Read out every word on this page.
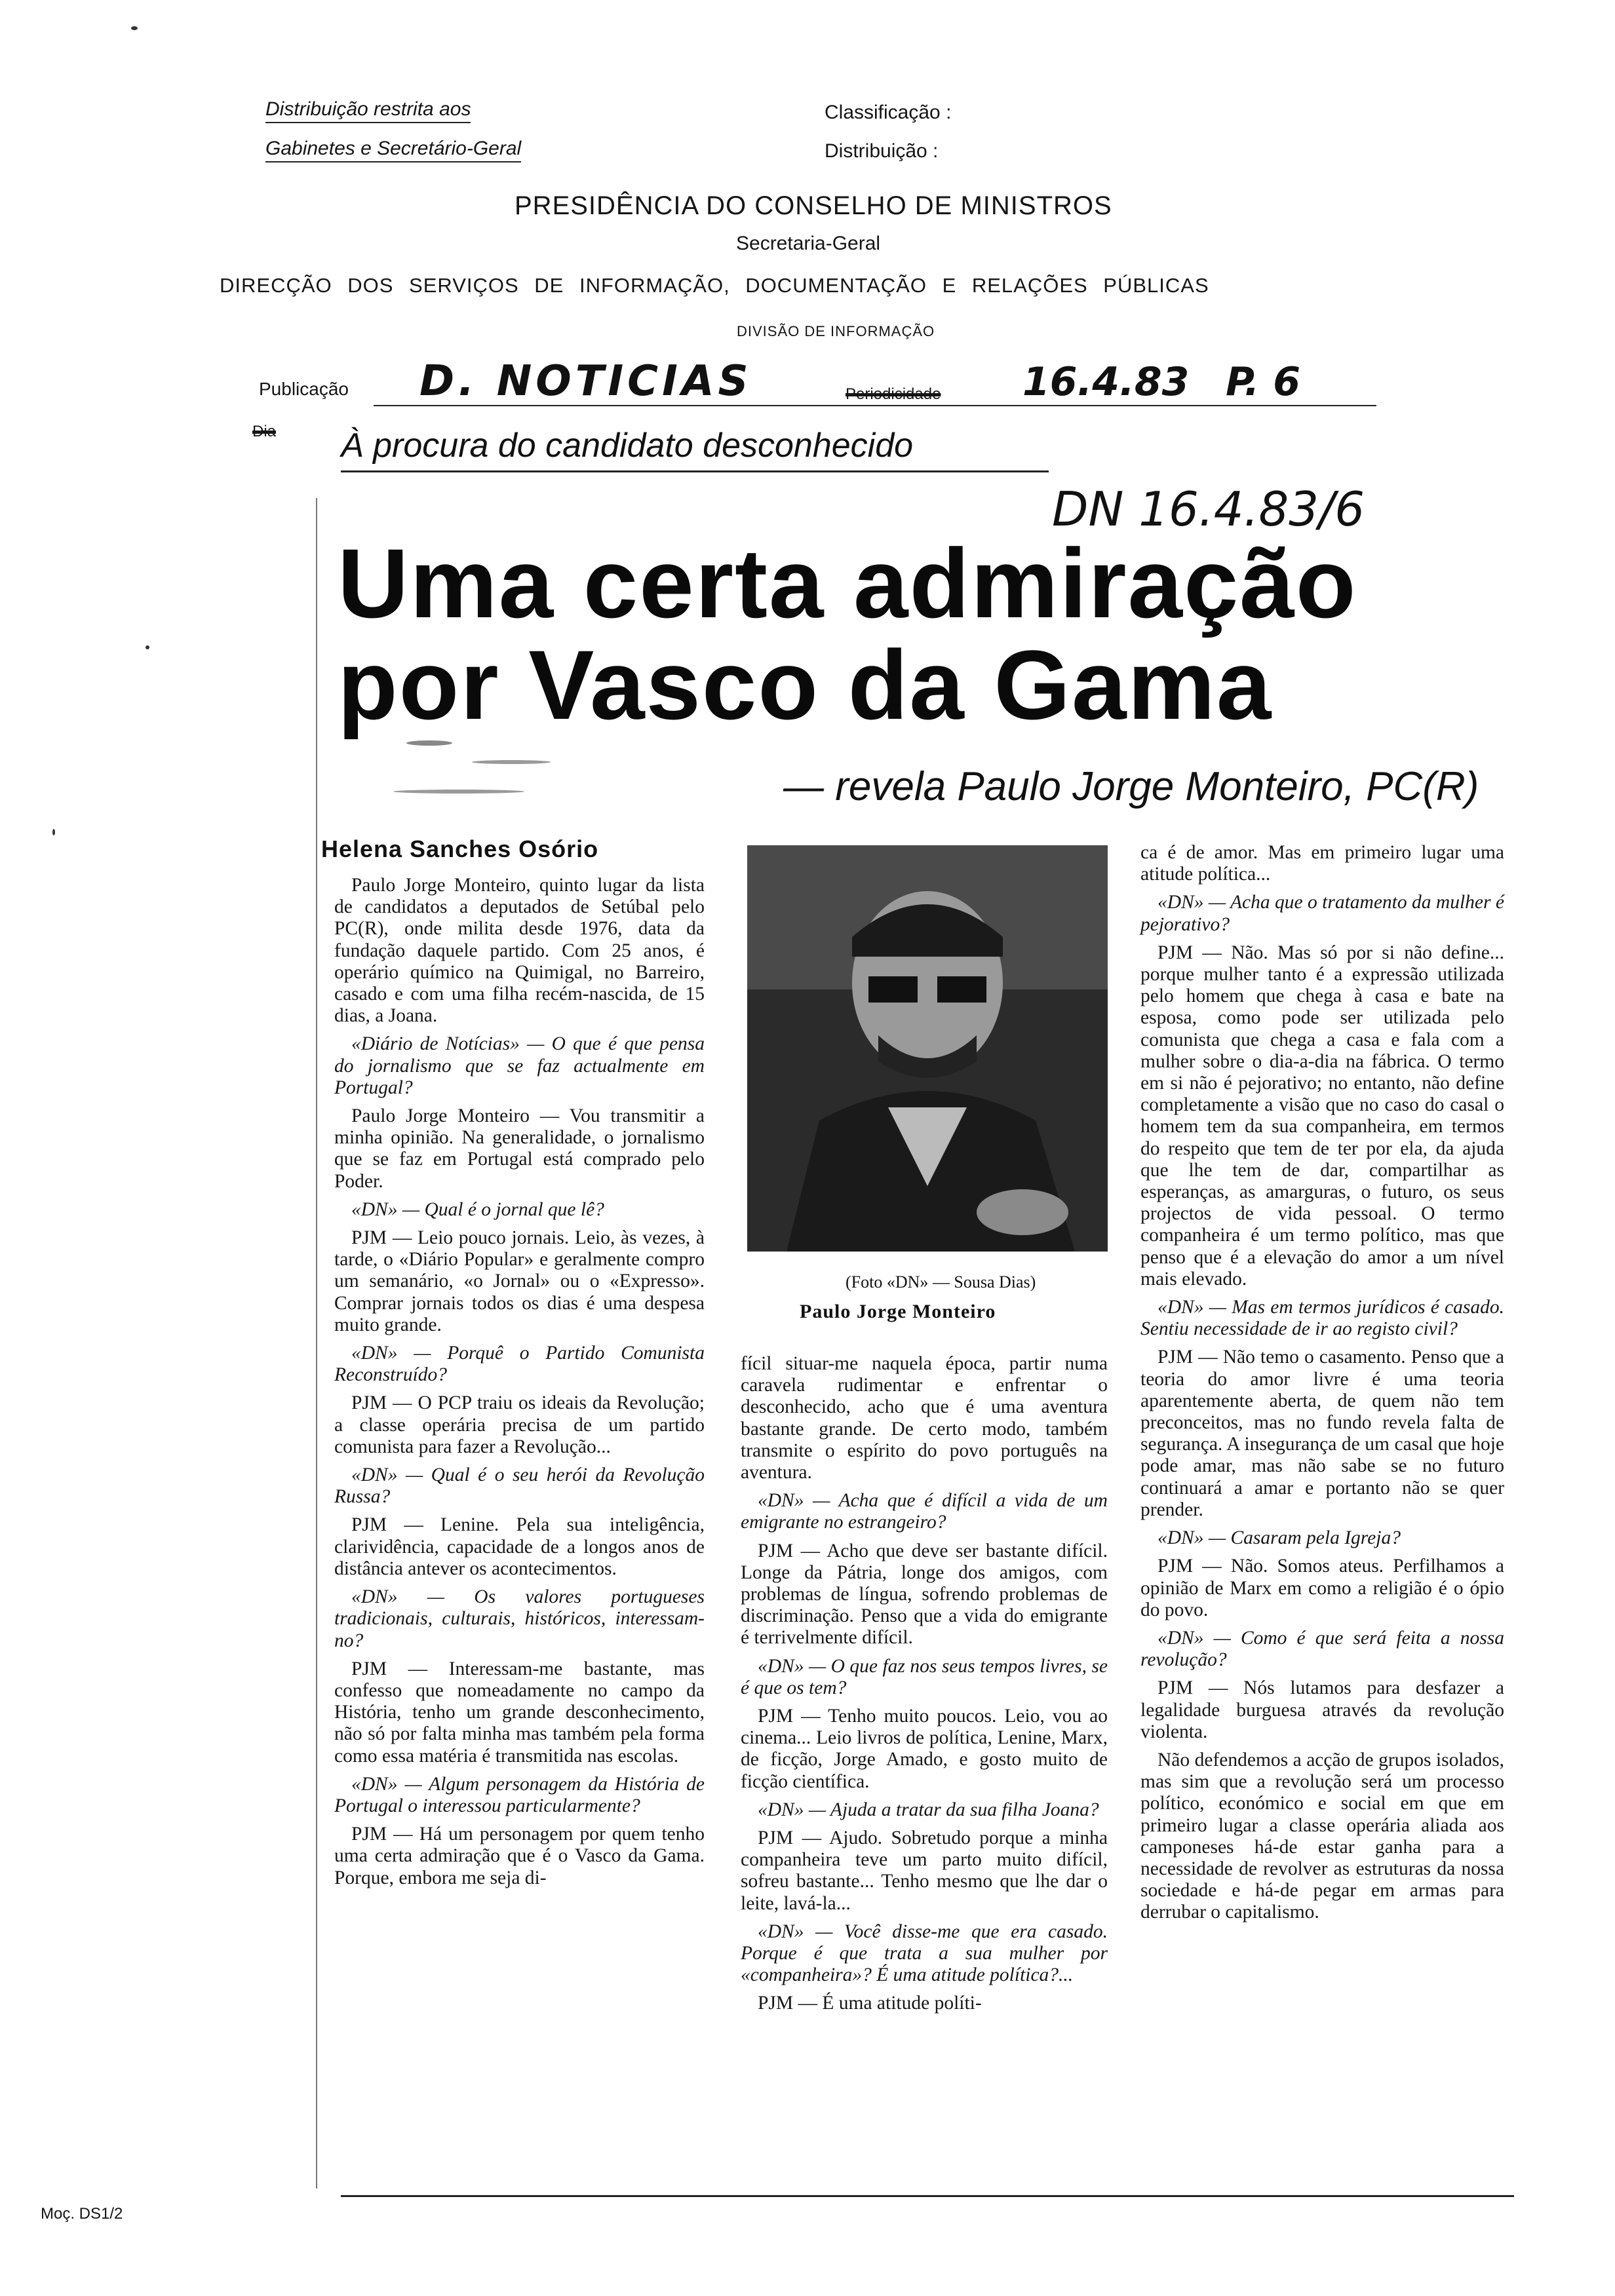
Distribuição restrita aos
Gabinetes e Secretário-Geral
Classificação :
Distribuição :
PRESIDÊNCIA DO CONSELHO DE MINISTROS
Secretaria-Geral
DIRECÇÃO DOS SERVIÇOS DE INFORMAÇÃO, DOCUMENTAÇÃO E RELAÇÕES PÚBLICAS
DIVISÃO DE INFORMAÇÃO
Publicação D. NOTICIAS	Periodicidade 16.4.83 P. 6
Dia À procura do candidato desconhecido
DN 16.4.83/6
Uma certa admiração
por Vasco da Gama
— revela Paulo Jorge Monteiro, PC(R)
Helena Sanches Osório

Paulo Jorge Monteiro, quinto lugar da lista de candidatos a deputados de Setúbal pelo PC(R), onde milita desde 1976, data da fundação daquele partido. Com 25 anos, é operário químico na Quimigal, no Barreiro, casado e com uma filha recém-nascida, de 15 dias, a Joana.

«Diário de Notícias» — O que é que pensa do jornalismo que se faz actualmente em Portugal?

Paulo Jorge Monteiro — Vou transmitir a minha opinião. Na generalidade, o jornalismo que se faz em Portugal está comprado pelo Poder.

«DN» — Qual é o jornal que lê?

PJM — Leio pouco jornais. Leio, às vezes, à tarde, o «Diário Popular» e geralmente compro um semanário, «o Jornal» ou o «Expresso». Comprar jornais todos os dias é uma despesa muito grande.

«DN» — Porquê o Partido Comunista Reconstruído?

PJM — O PCP traiu os ideais da Revolução; a classe operária precisa de um partido comunista para fazer a Revolução...

«DN» — Qual é o seu herói da Revolução Russa?

PJM — Lenine. Pela sua inteligência, clarividência, capacidade de a longos anos de distância antever os acontecimentos.

«DN» — Os valores portugueses tradicionais, culturais, históricos, interessam-no?

PJM — Interessam-me bastante, mas confesso que nomeadamente no campo da História, tenho um grande desconhecimento, não só por falta minha mas também pela forma como essa matéria é transmitida nas escolas.

«DN» — Algum personagem da História de Portugal o interessou particularmente?

PJM — Há um personagem por quem tenho uma certa admiração que é o Vasco da Gama. Porque, embora me seja di-

(Foto «DN» — Sousa Dias)
Paulo Jorge Monteiro

fícil situar-me naquela época, partir numa caravela rudimentar e enfrentar o desconhecido, acho que é uma aventura bastante grande. De certo modo, também transmite o espírito do povo português na aventura.

«DN» — Acha que é difícil a vida de um emigrante no estrangeiro?

PJM — Acho que deve ser bastante difícil. Longe da Pátria, longe dos amigos, com problemas de língua, sofrendo problemas de discriminação. Penso que a vida do emigrante é terrivelmente difícil.

«DN» — O que faz nos seus tempos livres, se é que os tem?

PJM — Tenho muito poucos. Leio, vou ao cinema... Leio livros de política, Lenine, Marx, de ficção, Jorge Amado, e gosto muito de ficção científica.

«DN» — Ajuda a tratar da sua filha Joana?

PJM — Ajudo. Sobretudo porque a minha companheira teve um parto muito difícil, sofreu bastante... Tenho mesmo que lhe dar o leite, lavá-la...

«DN» — Você disse-me que era casado. Porque é que trata a sua mulher por «companheira»? É uma atitude política?...

PJM — É uma atitude políti-

ca é de amor. Mas em primeiro lugar uma atitude política...

«DN» — Acha que o tratamento da mulher é pejorativo?

PJM — Não. Mas só por si não define... porque mulher tanto é a expressão utilizada pelo homem que chega à casa e bate na esposa, como pode ser utilizada pelo comunista que chega a casa e fala com a mulher sobre o dia-a-dia na fábrica. O termo em si não é pejorativo; no entanto, não define completamente a visão que no caso do casal o homem tem da sua companheira, em termos do respeito que tem de ter por ela, da ajuda que lhe tem de dar, compartilhar as esperanças, as amarguras, o futuro, os seus projectos de vida pessoal. O termo companheira é um termo político, mas que penso que é a elevação do amor a um nível mais elevado.

«DN» — Mas em termos jurídicos é casado. Sentiu necessidade de ir ao registo civil?

PJM — Não temo o casamento. Penso que a teoria do amor livre é uma teoria aparentemente aberta, de quem não tem preconceitos, mas no fundo revela falta de segurança. A insegurança de um casal que hoje pode amar, mas não sabe se no futuro continuará a amar e portanto não se quer prender.

«DN» — Casaram pela Igreja?

PJM — Não. Somos ateus. Perfilhamos a opinião de Marx em como a religião é o ópio do povo.

«DN» — Como é que será feita a nossa revolução?

PJM — Nós lutamos para desfazer a legalidade burguesa através da revolução violenta.

Não defendemos a acção de grupos isolados, mas sim que a revolução será um processo político, económico e social em que em primeiro lugar a classe operária aliada aos camponeses há-de estar ganha para a necessidade de revolver as estruturas da nossa sociedade e há-de pegar em armas para derrubar o capitalismo.

Moç. DS1/2
